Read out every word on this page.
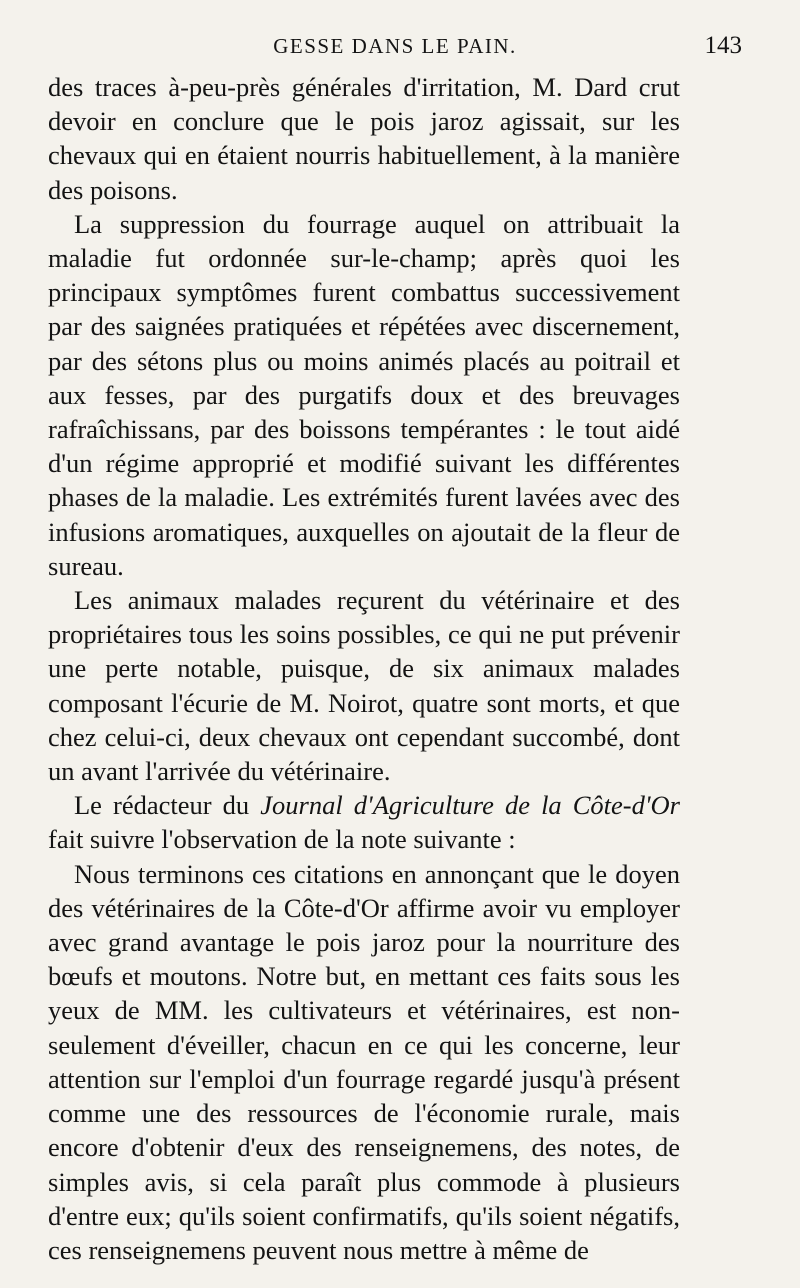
GESSE DANS LE PAIN.	143

des traces à-peu-près générales d'irritation, M. Dard crut devoir en conclure que le pois jaroz agissait, sur les chevaux qui en étaient nourris habituellement, à la manière des poisons.

La suppression du fourrage auquel on attribuait la maladie fut ordonnée sur-le-champ; après quoi les principaux symptômes furent combattus successivement par des saignées pratiquées et répétées avec discernement, par des sétons plus ou moins animés placés au poitrail et aux fesses, par des purgatifs doux et des breuvages rafraîchissans, par des boissons tempérantes : le tout aidé d'un régime approprié et modifié suivant les différentes phases de la maladie. Les extrémités furent lavées avec des infusions aromatiques, auxquelles on ajoutait de la fleur de sureau.

Les animaux malades reçurent du vétérinaire et des propriétaires tous les soins possibles, ce qui ne put prévenir une perte notable, puisque, de six animaux malades composant l'écurie de M. Noirot, quatre sont morts, et que chez celui-ci, deux chevaux ont cependant succombé, dont un avant l'arrivée du vétérinaire.

Le rédacteur du Journal d'Agriculture de la Côte-d'Or fait suivre l'observation de la note suivante :

Nous terminons ces citations en annonçant que le doyen des vétérinaires de la Côte-d'Or affirme avoir vu employer avec grand avantage le pois jaroz pour la nourriture des bœufs et moutons. Notre but, en mettant ces faits sous les yeux de MM. les cultivateurs et vétérinaires, est non-seulement d'éveiller, chacun en ce qui les concerne, leur attention sur l'emploi d'un fourrage regardé jusqu'à présent comme une des ressources de l'économie rurale, mais encore d'obtenir d'eux des renseignemens, des notes, de simples avis, si cela paraît plus commode à plusieurs d'entre eux; qu'ils soient confirmatifs, qu'ils soient négatifs, ces renseignemens peuvent nous mettre à même de
